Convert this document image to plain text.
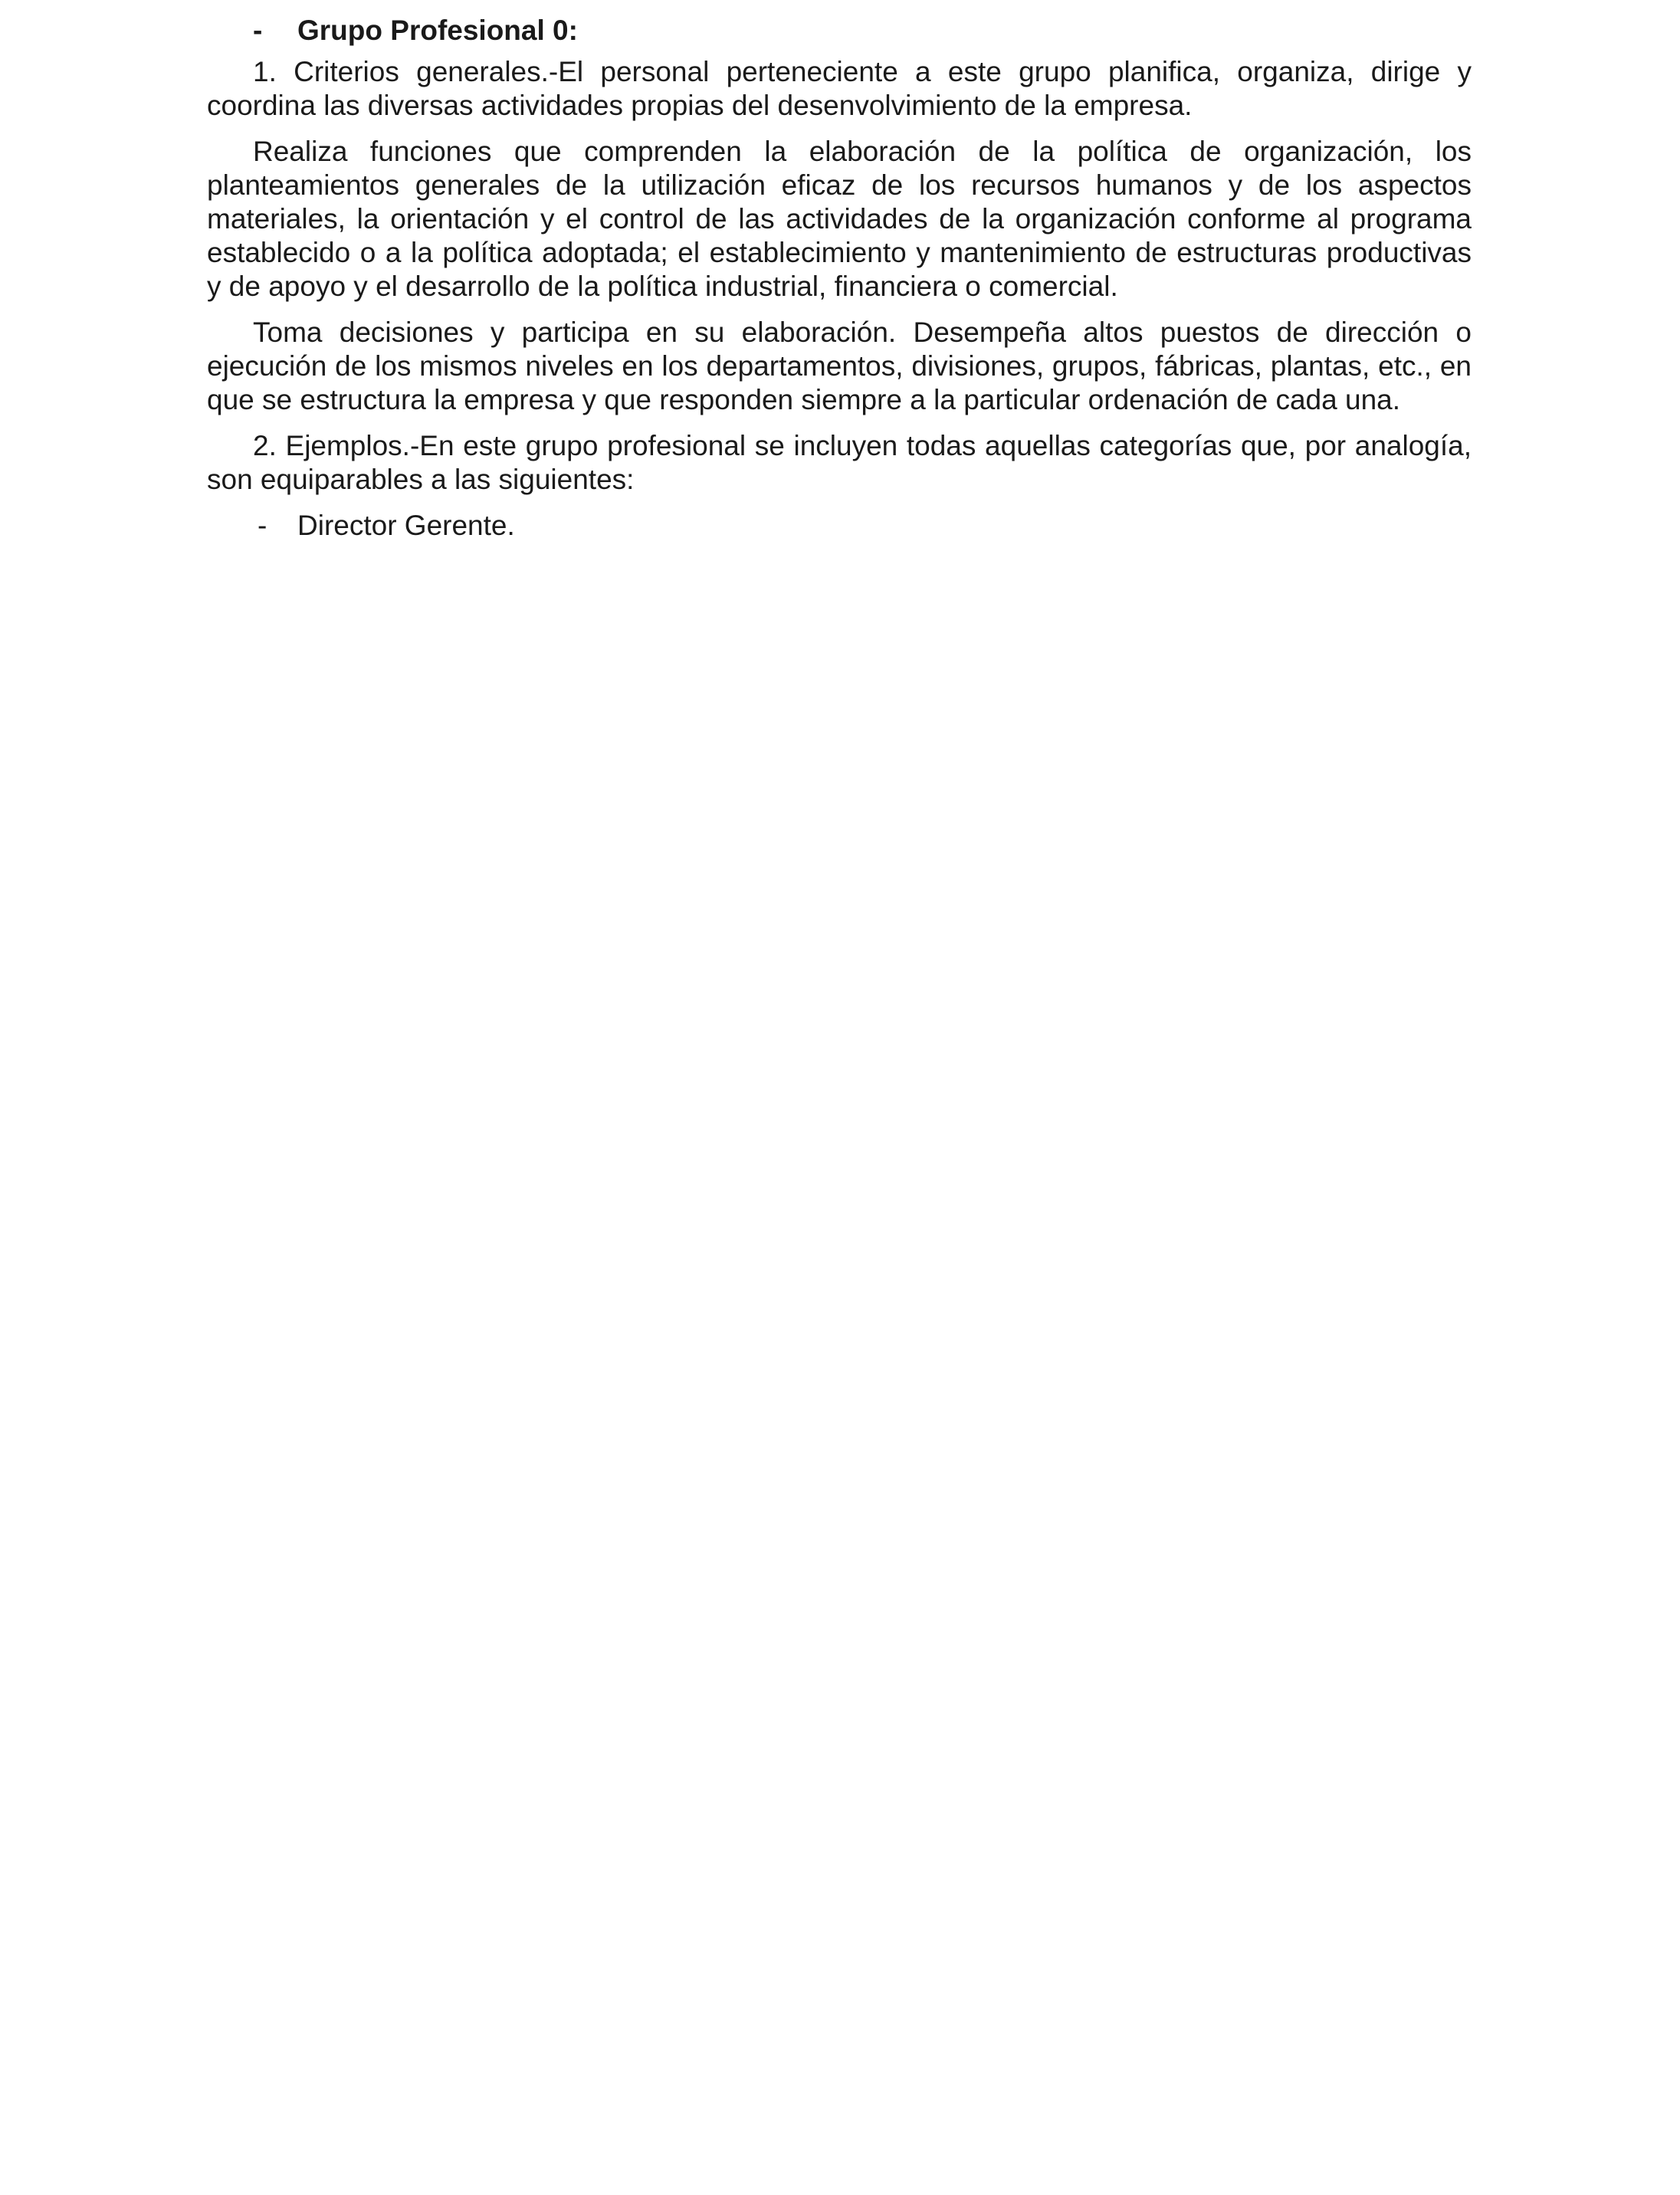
- Grupo Profesional 0:

1. Criterios generales.-El personal perteneciente a este grupo planifica, organiza, dirige y coordina las diversas actividades propias del desenvolvimiento de la empresa.

Realiza funciones que comprenden la elaboración de la política de organización, los planteamientos generales de la utilización eficaz de los recursos humanos y de los aspectos materiales, la orientación y el control de las actividades de la organización conforme al programa establecido o a la política adoptada; el establecimiento y mantenimiento de estructuras productivas y de apoyo y el desarrollo de la política industrial, financiera o comercial.

Toma decisiones y participa en su elaboración. Desempeña altos puestos de dirección o ejecución de los mismos niveles en los departamentos, divisiones, grupos, fábricas, plantas, etc., en que se estructura la empresa y que responden siempre a la particular ordenación de cada una.

2. Ejemplos.-En este grupo profesional se incluyen todas aquellas categorías que, por analogía, son equiparables a las siguientes:

- Director Gerente.
